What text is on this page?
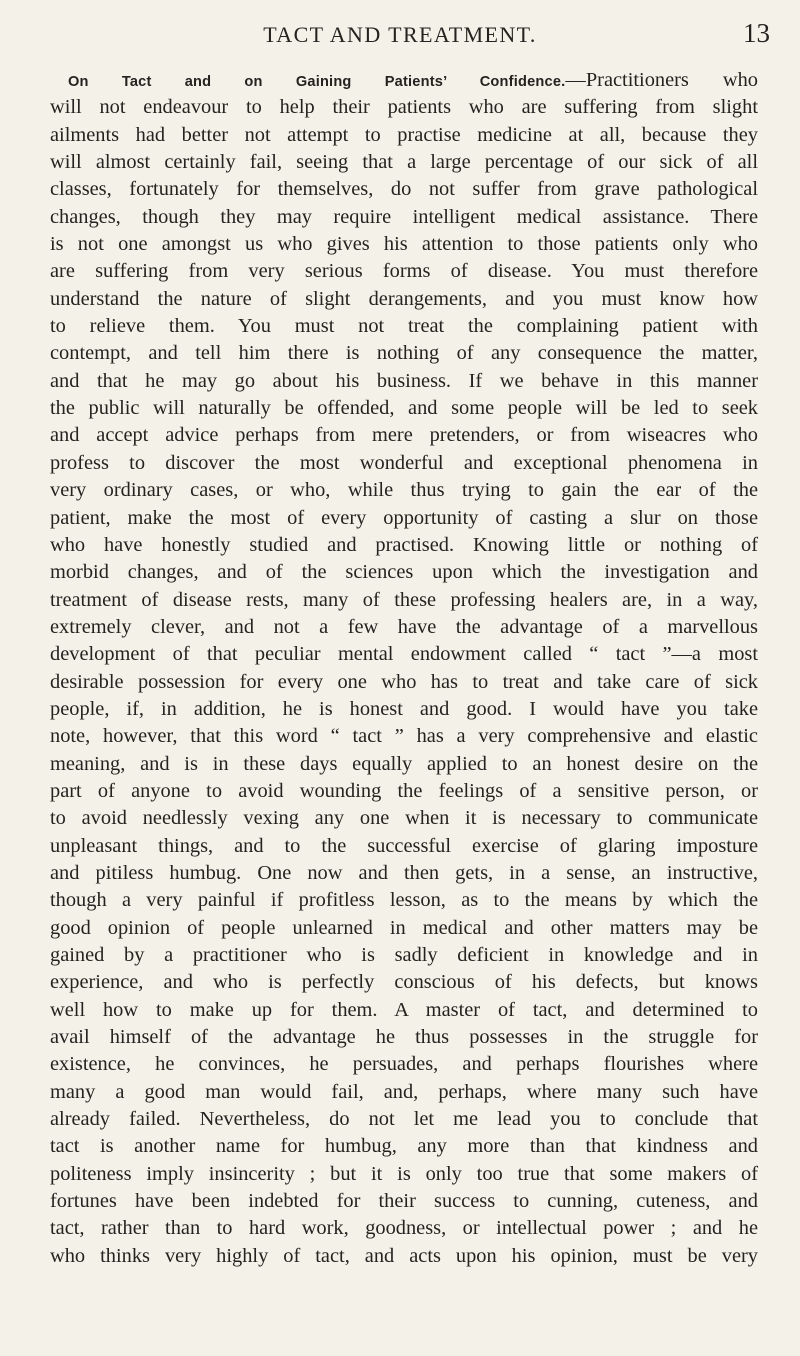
TACT AND TREATMENT.	13
On Tact and on Gaining Patients’ Confidence.—Practitioners who
will not endeavour to help their patients who are suffering from slight
ailments had better not attempt to practise medicine at all, because they
will almost certainly fail, seeing that a large percentage of our sick of all
classes, fortunately for themselves, do not suffer from grave pathological
changes, though they may require intelligent medical assistance. There
is not one amongst us who gives his attention to those patients only who
are suffering from very serious forms of disease. You must therefore
understand the nature of slight derangements, and you must know how
to relieve them. You must not treat the complaining patient with
contempt, and tell him there is nothing of any consequence the matter,
and that he may go about his business. If we behave in this manner
the public will naturally be offended, and some people will be led to seek
and accept advice perhaps from mere pretenders, or from wiseacres who
profess to discover the most wonderful and exceptional phenomena in
very ordinary cases, or who, while thus trying to gain the ear of the
patient, make the most of every opportunity of casting a slur on those
who have honestly studied and practised. Knowing little or nothing of
morbid changes, and of the sciences upon which the investigation and
treatment of disease rests, many of these professing healers are, in a way,
extremely clever, and not a few have the advantage of a marvellous
development of that peculiar mental endowment called “ tact ”—a most
desirable possession for every one who has to treat and take care of sick
people, if, in addition, he is honest and good. I would have you take
note, however, that this word “ tact ” has a very comprehensive and elastic
meaning, and is in these days equally applied to an honest desire on the
part of anyone to avoid wounding the feelings of a sensitive person, or
to avoid needlessly vexing any one when it is necessary to communicate
unpleasant things, and to the successful exercise of glaring imposture
and pitiless humbug. One now and then gets, in a sense, an instructive,
though a very painful if profitless lesson, as to the means by which the
good opinion of people unlearned in medical and other matters may be
gained by a practitioner who is sadly deficient in knowledge and in
experience, and who is perfectly conscious of his defects, but knows
well how to make up for them. A master of tact, and determined to
avail himself of the advantage he thus possesses in the struggle for
existence, he convinces, he persuades, and perhaps flourishes where
many a good man would fail, and, perhaps, where many such have
already failed. Nevertheless, do not let me lead you to conclude that
tact is another name for humbug, any more than that kindness and
politeness imply insincerity ; but it is only too true that some makers of
fortunes have been indebted for their success to cunning, cuteness, and
tact, rather than to hard work, goodness, or intellectual power ; and he
who thinks very highly of tact, and acts upon his opinion, must be very
